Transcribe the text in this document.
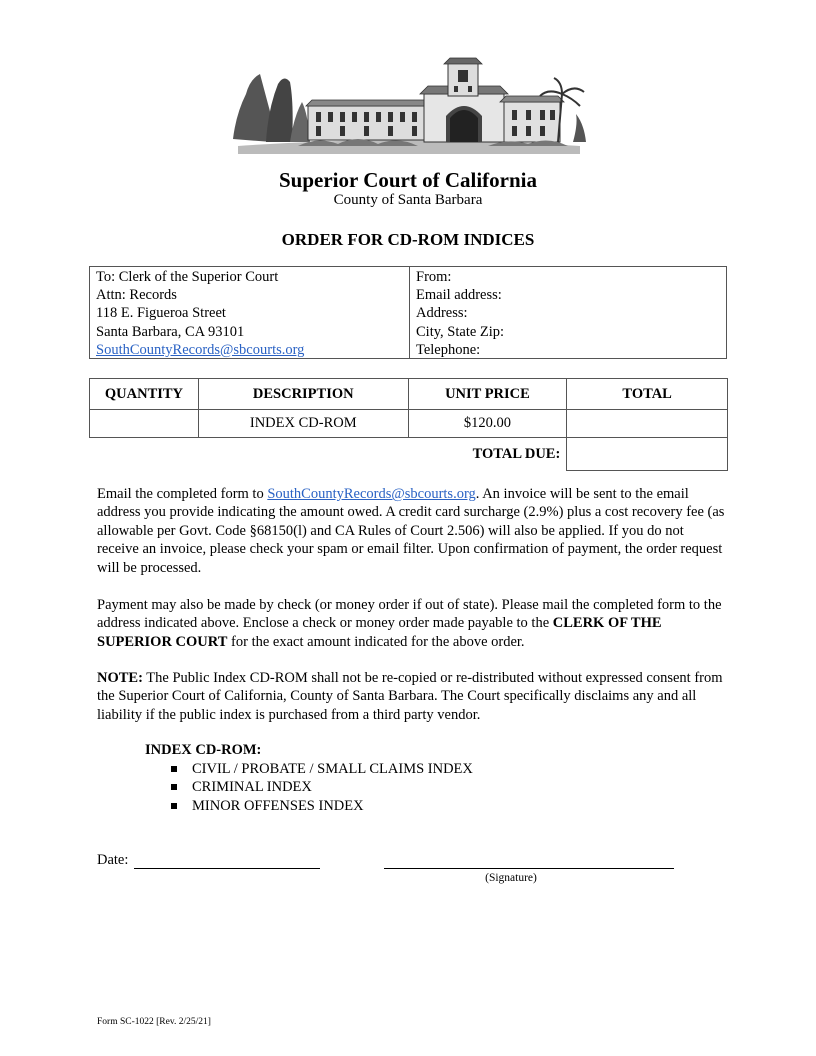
Superior Court of California
County of Santa Barbara
ORDER FOR CD-ROM INDICES
To: Clerk of the Superior Court
Attn: Records
118 E. Figueroa Street
Santa Barbara, CA 93101
SouthCountyRecords@sbcourts.org
From:
Email address:
Address:
City, State Zip:
Telephone:
QUANTITY	DESCRIPTION	UNIT PRICE	TOTAL
	INDEX CD-ROM	$120.00	
		TOTAL DUE:	
Email the completed form to SouthCountyRecords@sbcourts.org. An invoice will be sent to the email address you provide indicating the amount owed. A credit card surcharge (2.9%) plus a cost recovery fee (as allowable per Govt. Code §68150(l) and CA Rules of Court 2.506) will also be applied. If you do not receive an invoice, please check your spam or email filter. Upon confirmation of payment, the order request will be processed.
Payment may also be made by check (or money order if out of state). Please mail the completed form to the address indicated above. Enclose a check or money order made payable to the CLERK OF THE SUPERIOR COURT for the exact amount indicated for the above order.
NOTE: The Public Index CD-ROM shall not be re-copied or re-distributed without expressed consent from the Superior Court of California, County of Santa Barbara. The Court specifically disclaims any and all liability if the public index is purchased from a third party vendor.
INDEX CD-ROM:
CIVIL / PROBATE / SMALL CLAIMS INDEX
CRIMINAL INDEX
MINOR OFFENSES INDEX
Date:
(Signature)
Form SC-1022 [Rev. 2/25/21]
